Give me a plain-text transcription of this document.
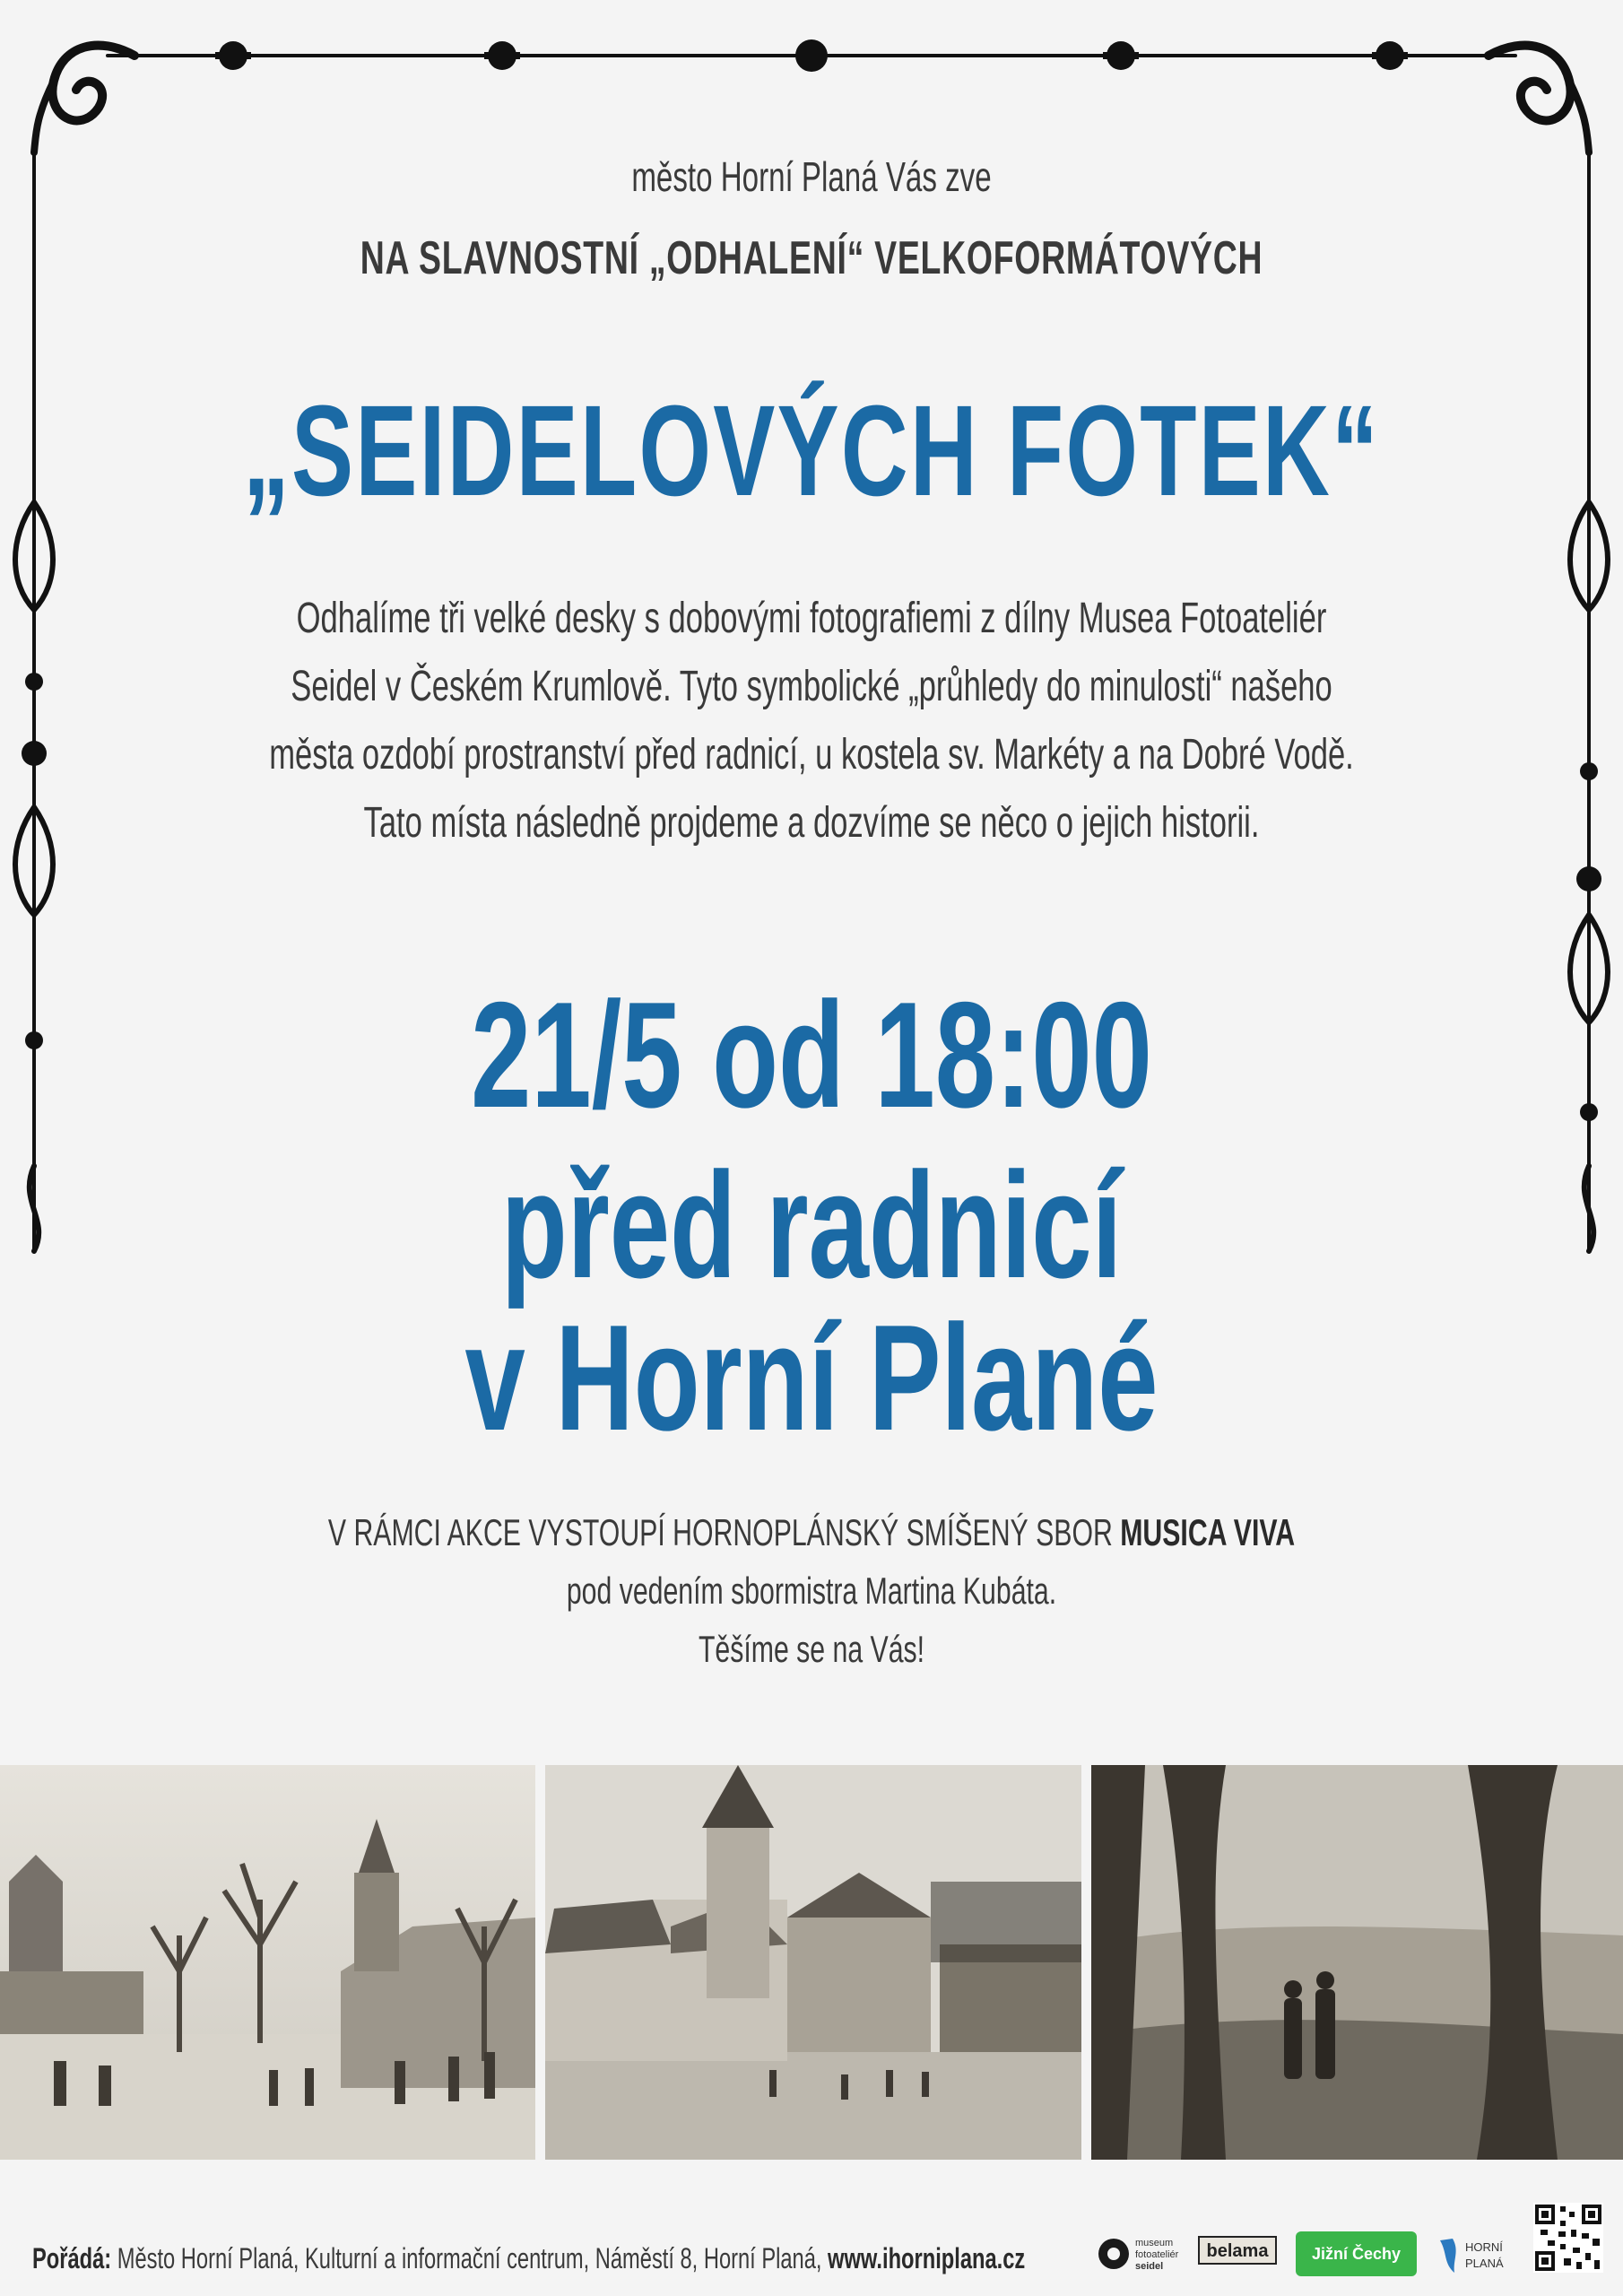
město Horní Planá Vás zve
NA SLAVNOSTNÍ „ODHALENÍ“ VELKOFORMÁTOVÝCH
„SEIDELOVÝCH FOTEK“
Odhalíme tři velké desky s dobovými fotografiemi z dílny Musea Fotoateliér
Seidel v Českém Krumlově. Tyto symbolické „průhledy do minulosti“ našeho
města ozdobí prostranství před radnicí, u kostela sv. Markéty a na Dobré Vodě.
Tato místa následně projdeme a dozvíme se něco o jejich historii.
21/5 od 18:00
před radnicí
v Horní Plané
V RÁMCI AKCE VYSTOUPÍ HORNOPLÁNSKÝ SMÍŠENÝ SBOR MUSICA VIVA
pod vedením sbormistra Martina Kubáta.
Těšíme se na Vás!
Pořádá: Město Horní Planá, Kulturní a informační centrum, Náměstí 8, Horní Planá, www.ihorniplana.cz	museum
fotoateliér
seidel
belama	Jižní Čechy	HORNÍ
PLANÁ
